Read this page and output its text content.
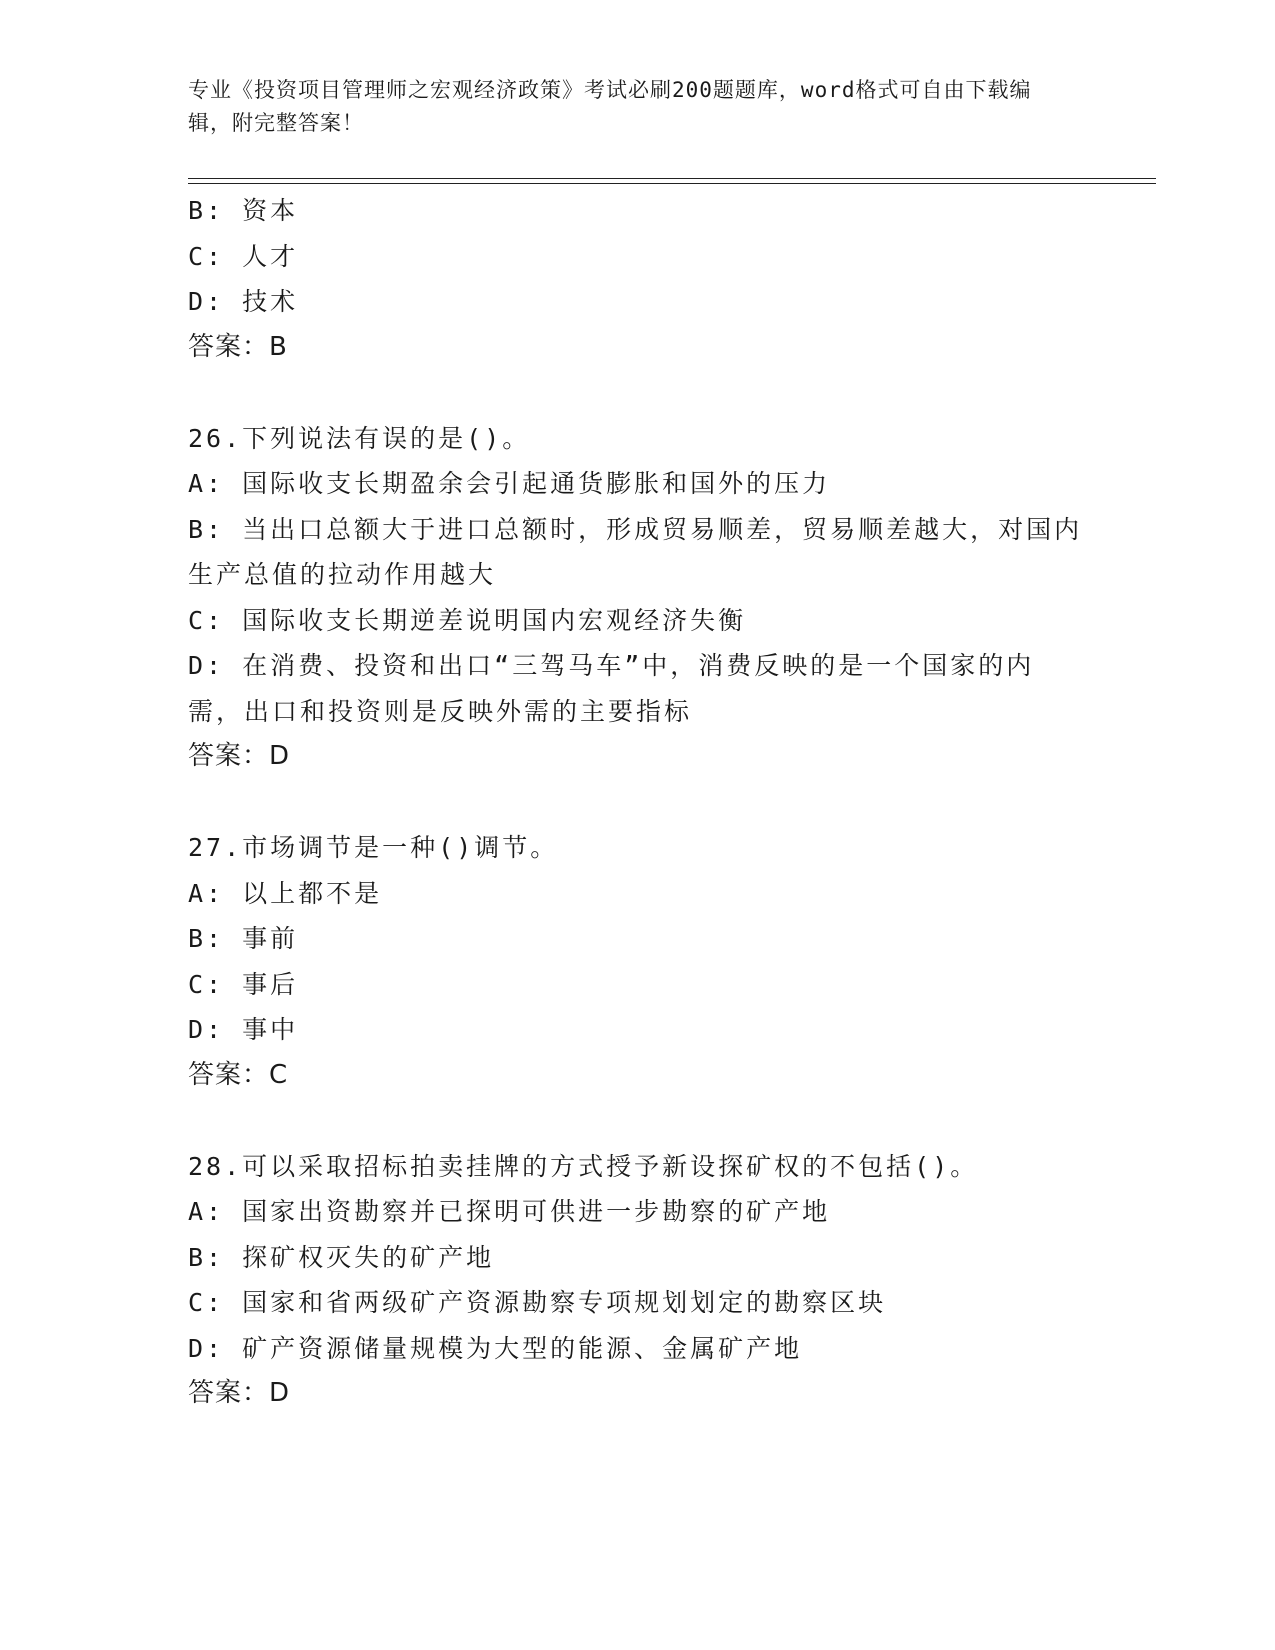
专业《投资项目管理师之宏观经济政策》考试必刷200题题库，word格式可自由下载编辑，附完整答案！

B: 资本

C: 人才

D: 技术

答案：B

26.下列说法有误的是()。

A: 国际收支长期盈余会引起通货膨胀和国外的压力

B: 当出口总额大于进口总额时，形成贸易顺差，贸易顺差越大，对国内生产总值的拉动作用越大

C: 国际收支长期逆差说明国内宏观经济失衡

D: 在消费、投资和出口“三驾马车”中，消费反映的是一个国家的内需，出口和投资则是反映外需的主要指标

答案：D

27.市场调节是一种()调节。

A: 以上都不是

B: 事前

C: 事后

D: 事中

答案：C

28.可以采取招标拍卖挂牌的方式授予新设探矿权的不包括()。

A: 国家出资勘察并已探明可供进一步勘察的矿产地

B: 探矿权灭失的矿产地

C: 国家和省两级矿产资源勘察专项规划划定的勘察区块

D: 矿产资源储量规模为大型的能源、金属矿产地

答案：D
